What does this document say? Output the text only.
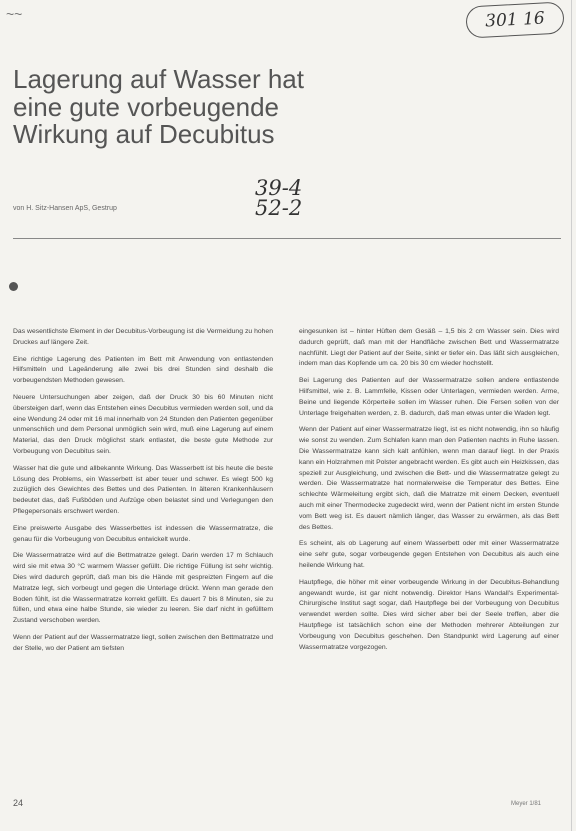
~ ~	301 16
Lagerung auf Wasser hat eine gute vorbeugende Wirkung auf Decubitus
39-4
52-2
von H. Sitz-Hansen ApS, Gestrup

Das wesentlichste Element in der Decubitus-Vorbeugung ist die Vermeidung zu hohen Druckes auf längere Zeit.

Eine richtige Lagerung des Patienten im Bett mit Anwendung von entlastenden Hilfsmitteln und Lageänderung alle zwei bis drei Stunden sind deshalb die vorbeugendsten Methoden gewesen.

Neuere Untersuchungen aber zeigen, daß der Druck 30 bis 60 Minuten nicht übersteigen darf, wenn das Entstehen eines Decubitus vermieden werden soll, und da eine Wendung 24 oder mit 16 mal innerhalb von 24 Stunden den Patienten gegenüber unmenschlich und dem Personal unmöglich sein wird, muß eine Lagerung auf einem Material, das den Druck möglichst stark entlastet, die beste gute Methode zur Vorbeugung von Decubitus sein.

Wasser hat die gute und allbekannte Wirkung. Das Wasserbett ist bis heute die beste Lösung des Problems, ein Wasserbett ist aber teuer und schwer. Es wiegt 500 kg zuzüglich des Gewichtes des Bettes und des Patienten. In älteren Krankenhäusern bedeutet das, daß Fußböden und Aufzüge oben belastet sind und Verlegungen den Pflegepersonals erschwert werden.

Eine preiswerte Ausgabe des Wasserbettes ist indessen die Wassermatratze, die genau für die Vorbeugung von Decubitus entwickelt wurde.

Die Wassermatratze wird auf die Bettmatratze gelegt. Darin werden 17 m Schlauch wird sie mit etwa 30 °C warmem Wasser gefüllt. Die richtige Füllung ist sehr wichtig. Dies wird dadurch geprüft, daß man bis die Hände mit gespreizten Fingern auf die Matratze legt, sich vorbeugt und gegen die Unterlage drückt. Wenn man gerade den Boden fühlt, ist die Wassermatratze korrekt gefüllt. Es dauert 7 bis 8 Minuten, sie zu füllen, und etwa eine halbe Stunde, sie wieder zu leeren. Sie darf nicht in gefülltem Zustand verschoben werden.

Wenn der Patient auf der Wassermatratze liegt, sollen zwischen den Bettmatratze und der Stelle, wo der Patient am tiefsten

eingesunken ist – hinter Hüften dem Gesäß – 1,5 bis 2 cm Wasser sein. Dies wird dadurch geprüft, daß man mit der Handfläche zwischen Bett und Wassermatratze nachfühlt. Liegt der Patient auf der Seite, sinkt er tiefer ein. Das läßt sich ausgleichen, indem man das Kopfende um ca. 20 bis 30 cm wieder hochstellt.

Bei Lagerung des Patienten auf der Wassermatratze sollen andere entlastende Hilfsmittel, wie z. B. Lammfelle, Kissen oder Unterlagen, vermieden werden. Arme, Beine und liegende Körperteile sollen im Wasser ruhen. Die Fersen sollen von der Unterlage freigehalten werden, z. B. dadurch, daß man etwas unter die Waden legt.

Wenn der Patient auf einer Wassermatratze liegt, ist es nicht notwendig, ihn so häufig wie sonst zu wenden. Zum Schlafen kann man den Patienten nachts in Ruhe lassen. Die Wassermatratze kann sich kalt anfühlen, wenn man darauf liegt. In der Praxis kann ein Holzrahmen mit Polster angebracht werden. Es gibt auch ein Heizkissen, das speziell zur Ausgleichung, und zwischen die Bett- und die Wassermatratze gelegt zu werden. Die Wassermatratze hat normalerweise die Temperatur des Bettes. Eine schlechte Wärmeleitung ergibt sich, daß die Matratze mit einem Decken, eventuell auch mit einer Thermodecke zugedeckt wird, wenn der Patient nicht im ersten Stunde vom Bett weg ist. Es dauert nämlich länger, das Wasser zu erwärmen, als das Bett des Bettes.

Es scheint, als ob Lagerung auf einem Wasserbett oder mit einer Wassermatratze eine sehr gute, sogar vorbeugende gegen Entstehen von Decubitus als auch eine heilende Wirkung hat.

Hautpflege, die höher mit einer vorbeugende Wirkung in der Decubitus-Behandlung angewandt wurde, ist gar nicht notwendig. Direktor Hans Wandall's Experimental-Chirurgische Institut sagt sogar, daß Hautpflege bei der Vorbeugung von Decubitus verwendet werden sollte. Dies wird sicher aber bei der Seele treffen, aber die Hautpflege ist tatsächlich schon eine der Methoden mehrerer Abteilungen zur Vorbeugung von Decubitus geschehen. Den Standpunkt wird Lagerung auf einer Wassermatratze vorgezogen.

24	Meyer 1/81
